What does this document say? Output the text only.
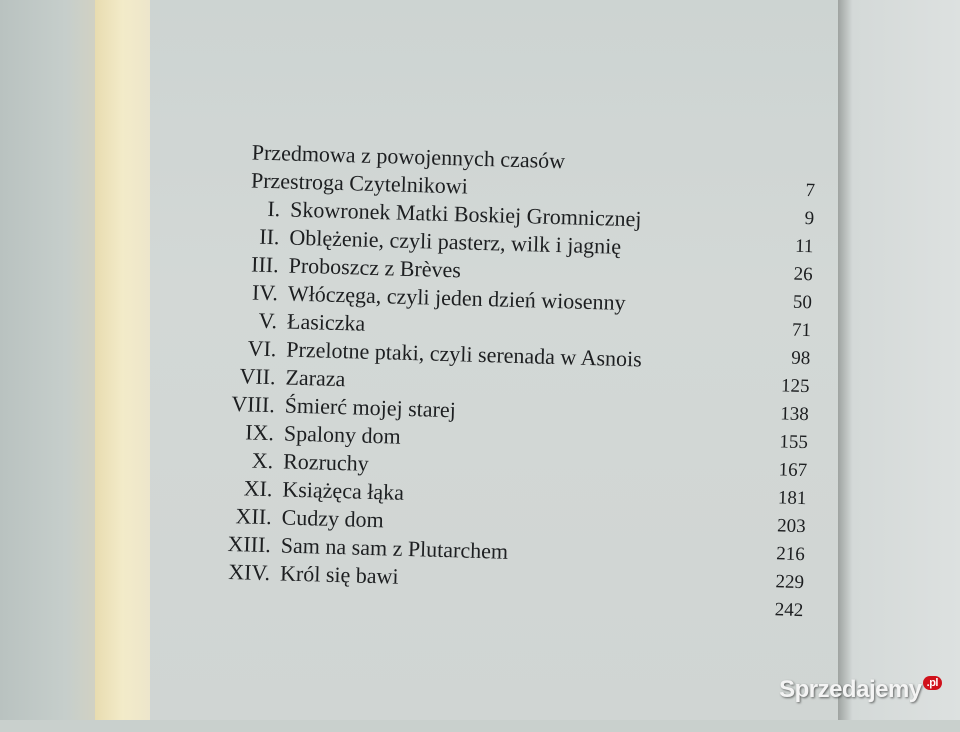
Przedmowa z powojennych czasów
Przestroga Czytelnikowi
I. Skowronek Matki Boskiej Gromnicznej
II. Oblężenie, czyli pasterz, wilk i jagnię
III. Proboszcz z Brèves
IV. Włóczęga, czyli jeden dzień wiosenny
V. Łasiczka
VI. Przelotne ptaki, czyli serenada w Asnois
VII. Zaraza
VIII. Śmierć mojej starej
IX. Spalony dom
X. Rozruchy
XI. Książęca łąka
XII. Cudzy dom
XIII. Sam na sam z Plutarchem
XIV. Król się bawi
7
9
11
26
50
71
98
125
138
155
167
181
203
216
229
242
Sprzedajemy .pl
